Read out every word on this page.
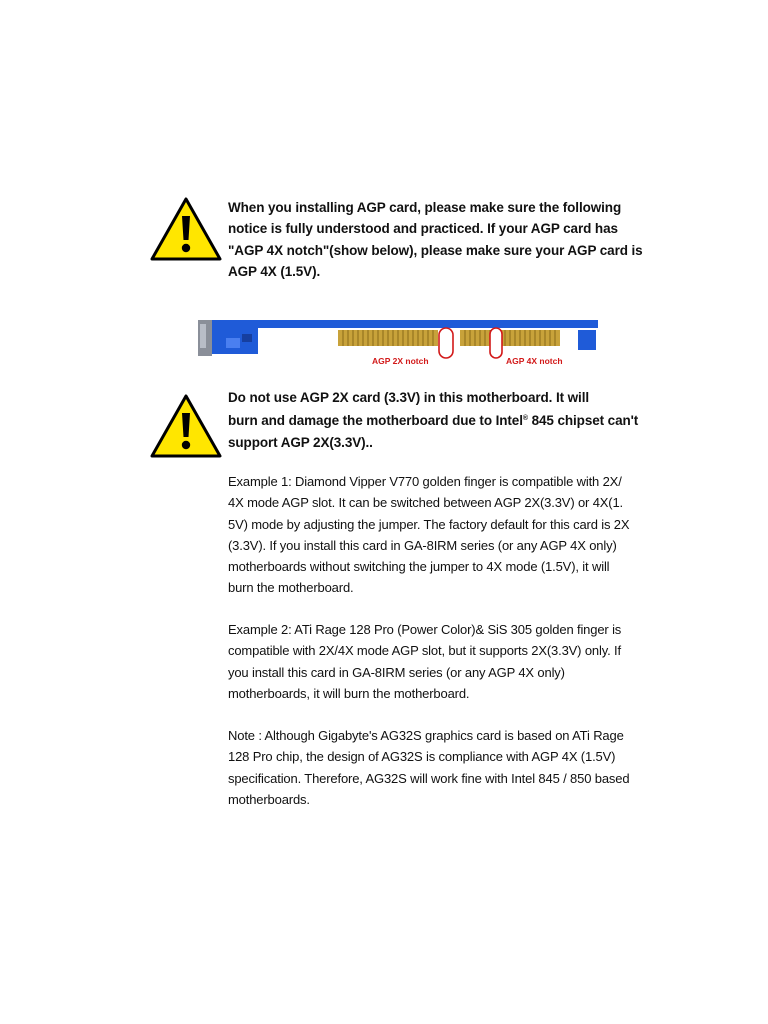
When you installing AGP card, please make sure the following
notice is fully understood and practiced. If your AGP card has
"AGP 4X notch"(show below), please make sure your AGP card is
AGP 4X (1.5V).
AGP 2X notch	AGP 4X notch
Do not use AGP 2X card (3.3V) in this motherboard. It will
burn and damage the motherboard due to Intel® 845 chipset can't
support AGP 2X(3.3V)..
Example 1: Diamond Vipper V770 golden finger is compatible with 2X/
4X mode AGP slot. It can be switched between AGP 2X(3.3V) or 4X(1.
5V) mode by adjusting the jumper. The factory default for this card is 2X
(3.3V). If you install this card in GA-8IRM series (or any AGP 4X only)
motherboards without switching the jumper to 4X mode (1.5V), it will
burn the motherboard.
Example 2: ATi Rage 128 Pro (Power Color)& SiS 305 golden finger is
compatible with 2X/4X mode AGP slot, but it supports 2X(3.3V) only. If
you install this card in GA-8IRM series (or any AGP 4X only)
motherboards, it will burn the motherboard.
Note : Although Gigabyte's AG32S graphics card is based on ATi Rage
128 Pro chip, the design of AG32S is compliance with AGP 4X (1.5V)
specification. Therefore, AG32S will work fine with Intel 845 / 850 based
motherboards.
